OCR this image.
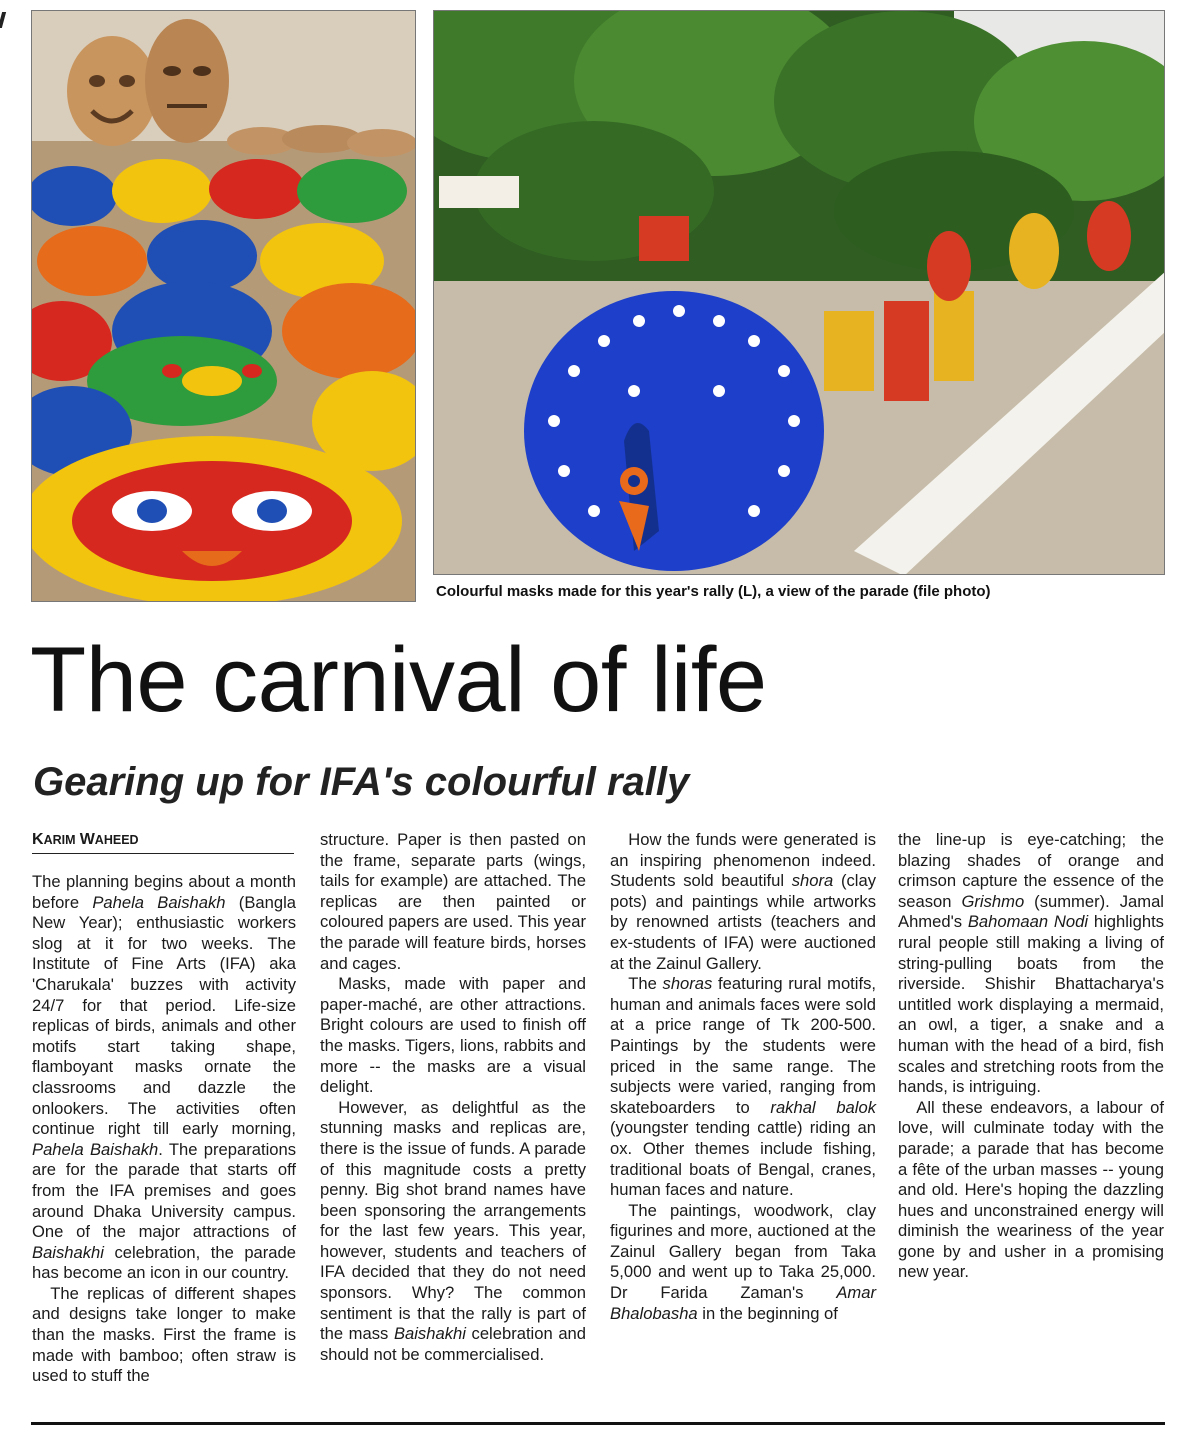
Colourful masks made for this year's rally (L), a view of the parade (file photo)
The carnival of life
Gearing up for IFA's colourful rally
KARIM WAHEED

The planning begins about a month before Pahela Baishakh (Bangla New Year); enthusiastic workers slog at it for two weeks. The Institute of Fine Arts (IFA) aka 'Charukala' buzzes with activity 24/7 for that period. Life-size replicas of birds, animals and other motifs start taking shape, flamboyant masks ornate the classrooms and dazzle the onlookers. The activities often continue right till early morning, Pahela Baishakh. The preparations are for the parade that starts off from the IFA premises and goes around Dhaka University campus. One of the major attractions of Baishakhi celebration, the parade has become an icon in our country.

The replicas of different shapes and designs take longer to make than the masks. First the frame is made with bamboo; often straw is used to stuff the

structure. Paper is then pasted on the frame, separate parts (wings, tails for example) are attached. The replicas are then painted or coloured papers are used. This year the parade will feature birds, horses and cages.

Masks, made with paper and paper-maché, are other attractions. Bright colours are used to finish off the masks. Tigers, lions, rabbits and more -- the masks are a visual delight.

However, as delightful as the stunning masks and replicas are, there is the issue of funds. A parade of this magnitude costs a pretty penny. Big shot brand names have been sponsoring the arrangements for the last few years. This year, however, students and teachers of IFA decided that they do not need sponsors. Why? The common sentiment is that the rally is part of the mass Baishakhi celebration and should not be commercialised.

How the funds were generated is an inspiring phenomenon indeed. Students sold beautiful shora (clay pots) and paintings while artworks by renowned artists (teachers and ex-students of IFA) were auctioned at the Zainul Gallery.

The shoras featuring rural motifs, human and animals faces were sold at a price range of Tk 200-500. Paintings by the students were priced in the same range. The subjects were varied, ranging from skateboarders to rakhal balok (youngster tending cattle) riding an ox. Other themes include fishing, traditional boats of Bengal, cranes, human faces and nature.

The paintings, woodwork, clay figurines and more, auctioned at the Zainul Gallery began from Taka 5,000 and went up to Taka 25,000. Dr Farida Zaman's Amar Bhalobasha in the beginning of

the line-up is eye-catching; the blazing shades of orange and crimson capture the essence of the season Grishmo (summer). Jamal Ahmed's Bahomaan Nodi highlights rural people still making a living of string-pulling boats from the riverside. Shishir Bhattacharya's untitled work displaying a mermaid, an owl, a tiger, a snake and a human with the head of a bird, fish scales and stretching roots from the hands, is intriguing.

All these endeavors, a labour of love, will culminate today with the parade; a parade that has become a fête of the urban masses -- young and old. Here's hoping the dazzling hues and unconstrained energy will diminish the weariness of the year gone by and usher in a promising new year.
